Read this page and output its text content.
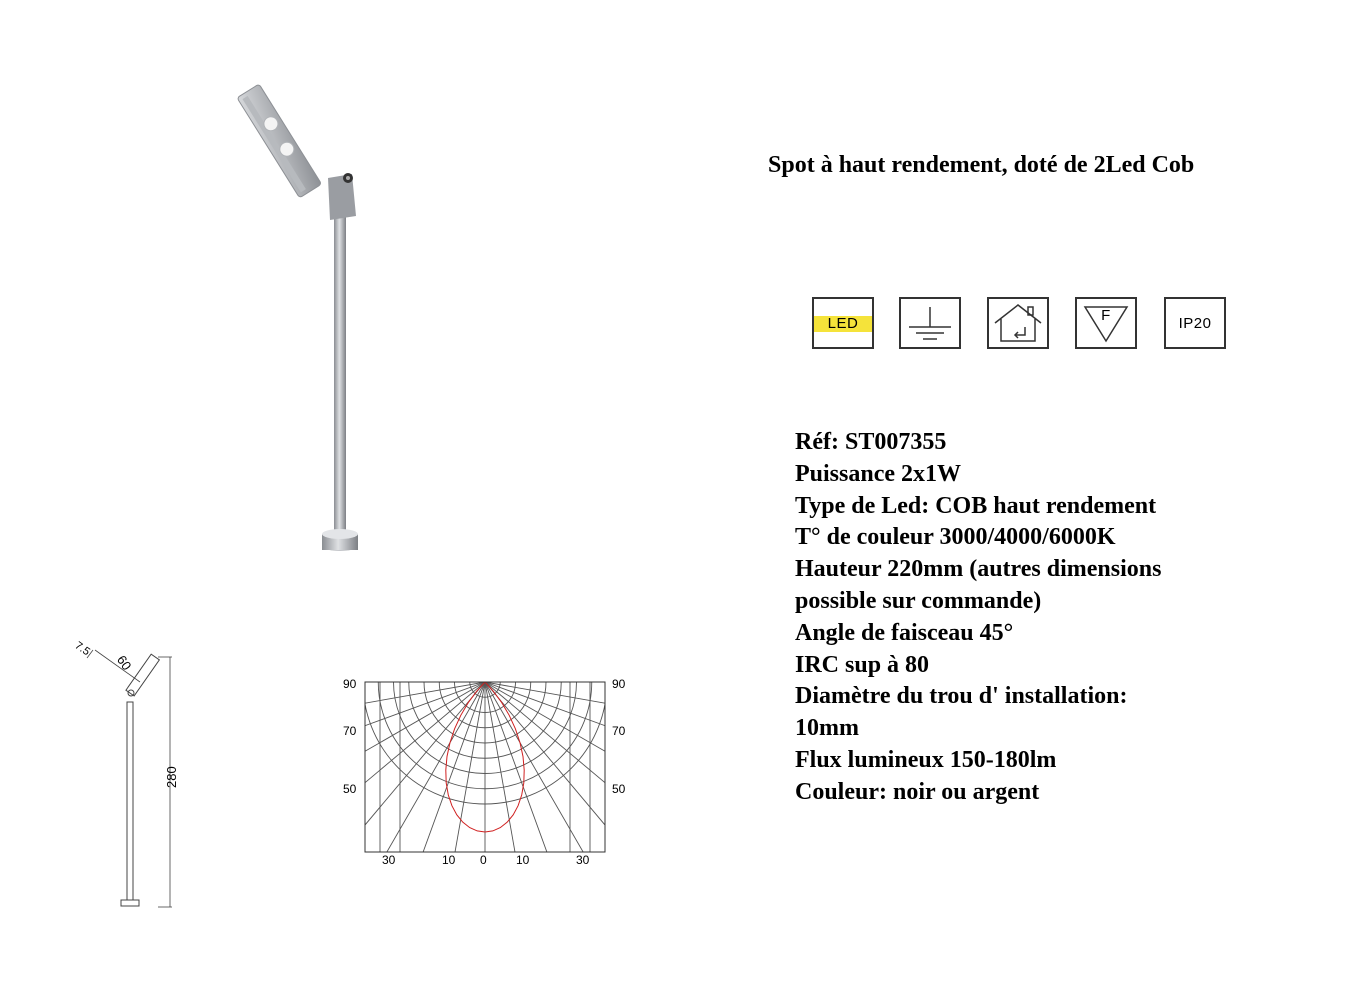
Spot à haut rendement, doté de 2Led Cob
LED	F	IP20
Réf: ST007355
Puissance 2x1W
Type de Led: COB haut rendement
T° de couleur 3000/4000/6000K
Hauteur 220mm (autres dimensions
possible sur commande)
Angle de faisceau 45°
IRC sup à 80
Diamètre du trou d' installation:
10mm
Flux lumineux 150-180lm
Couleur: noir ou argent
7.5
60
280
90
70
50
90
70
50
30	10 0 10	30
